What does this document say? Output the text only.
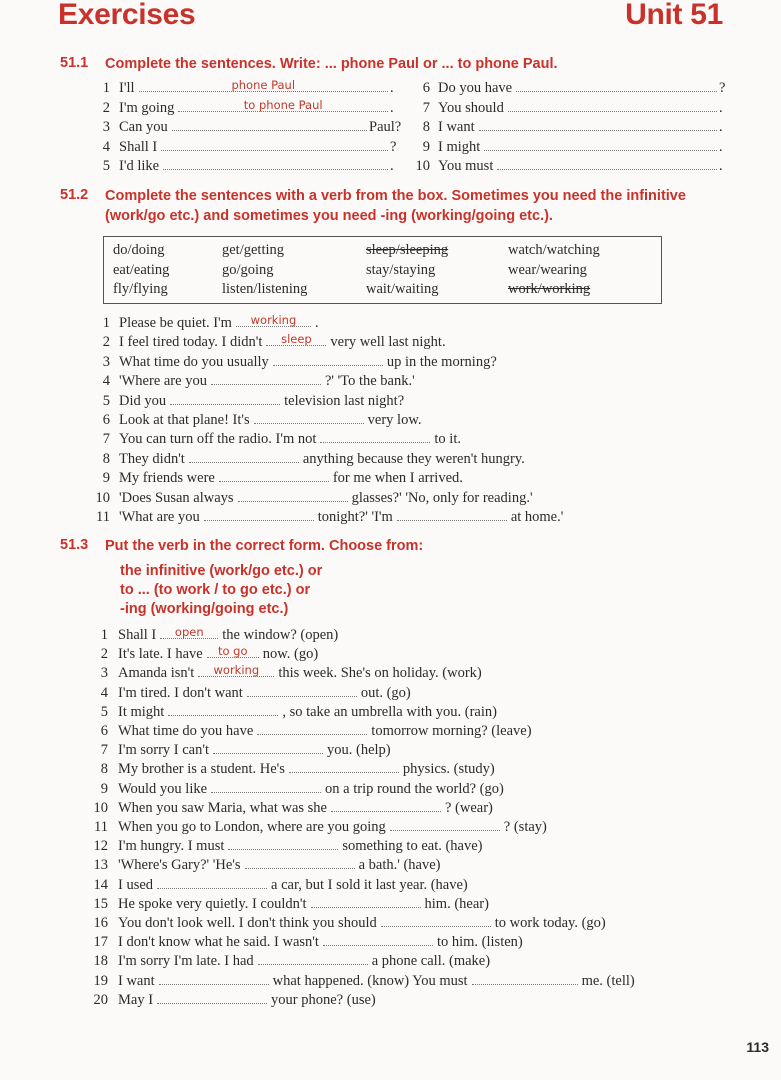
Exercises	Unit 51
51.1 Complete the sentences. Write: ... phone Paul or ... to phone Paul.
1 I'll	phone Paul	.
2 I'm going	to phone Paul	.
3 Can you	Paul?
4 Shall I	?
5 I'd like	.
6 Do you have	?
7 You should	.
8 I want	.
9 I might	.
10 You must	.
51.2 Complete the sentences with a verb from the box. Sometimes you need the infinitive (work/go etc.) and sometimes you need -ing (working/going etc.).
do/doing	get/getting	sleep/sleeping	watch/watching
eat/eating	go/going	stay/staying	wear/wearing
fly/flying	listen/listening	wait/waiting	work/working
1 Please be quiet. I'm	working	.
2 I feel tired today. I didn't	sleep	very well last night.
3 What time do you usually	up in the morning?
4 'Where are you	?' 'To the bank.'
5 Did you	television last night?
6 Look at that plane! It's	very low.
7 You can turn off the radio. I'm not	to it.
8 They didn't	anything because they weren't hungry.
9 My friends were	for me when I arrived.
10 'Does Susan always	glasses?' 'No, only for reading.'
11 'What are you	tonight?' 'I'm	at home.'
51.3 Put the verb in the correct form. Choose from:
the infinitive (work/go etc.) or
to ... (to work / to go etc.) or
-ing (working/going etc.)
1 Shall I	open	the window? (open)
2 It's late. I have	to go	now. (go)
3 Amanda isn't	working	this week. She's on holiday. (work)
4 I'm tired. I don't want	out. (go)
5 It might	, so take an umbrella with you. (rain)
6 What time do you have	tomorrow morning? (leave)
7 I'm sorry I can't	you. (help)
8 My brother is a student. He's	physics. (study)
9 Would you like	on a trip round the world? (go)
10 When you saw Maria, what was she	? (wear)
11 When you go to London, where are you going	? (stay)
12 I'm hungry. I must	something to eat. (have)
13 'Where's Gary?' 'He's	a bath.' (have)
14 I used	a car, but I sold it last year. (have)
15 He spoke very quietly. I couldn't	him. (hear)
16 You don't look well. I don't think you should	to work today. (go)
17 I don't know what he said. I wasn't	to him. (listen)
18 I'm sorry I'm late. I had	a phone call. (make)
19 I want	what happened. (know) You must	me. (tell)
20 May I	your phone? (use)
113
